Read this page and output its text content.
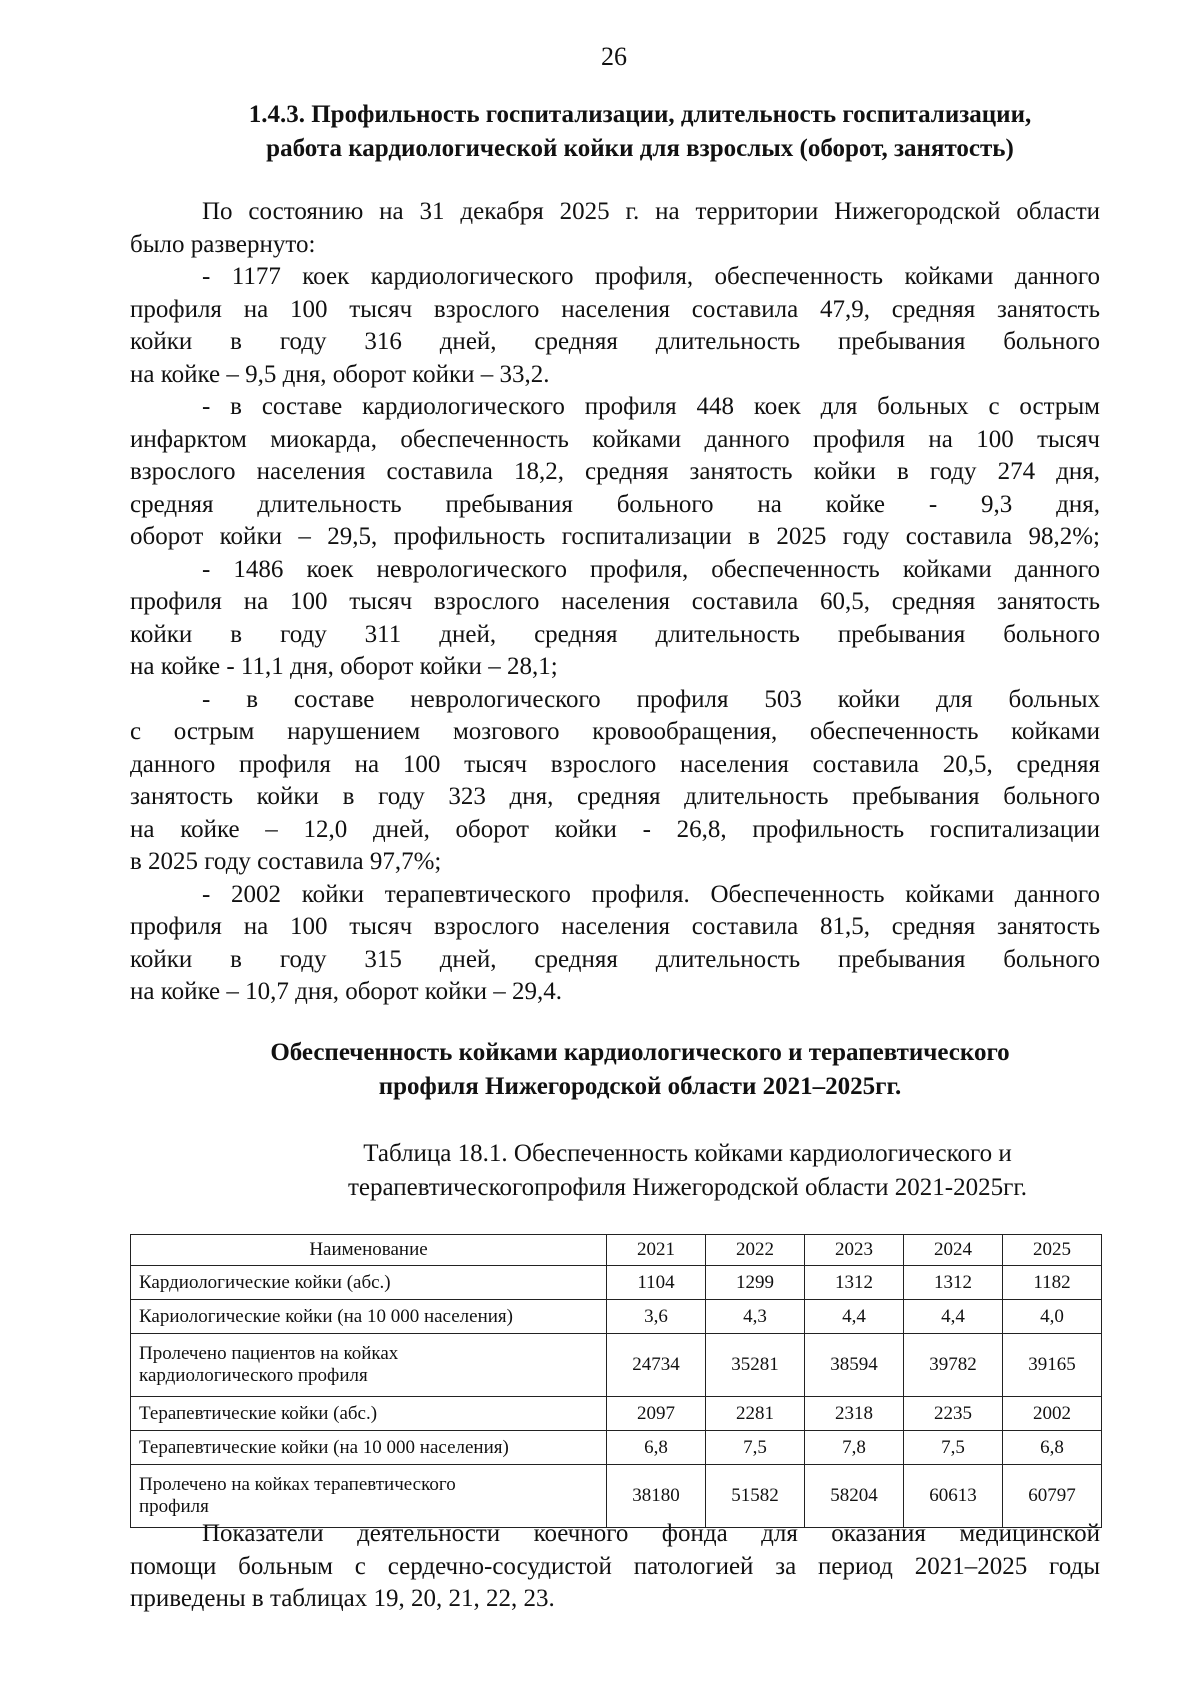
26
1.4.3. Профильность госпитализации, длительность госпитализации,
работа кардиологической койки для взрослых (оборот, занятость)
По состоянию на 31 декабря 2025 г. на территории Нижегородской области
было развернуто:
- 1177 коек кардиологического профиля, обеспеченность койками данного
профиля на 100 тысяч взрослого населения составила 47,9, средняя занятость
койки в году 316 дней, средняя длительность пребывания больного
на койке – 9,5 дня, оборот койки – 33,2.
- в составе кардиологического профиля 448 коек для больных с острым
инфарктом миокарда, обеспеченность койками данного профиля на 100 тысяч
взрослого населения составила 18,2, средняя занятость койки в году 274 дня,
средняя длительность пребывания больного на койке - 9,3 дня,
оборот койки – 29,5, профильность госпитализации в 2025 году составила 98,2%;
- 1486 коек неврологического профиля, обеспеченность койками данного
профиля на 100 тысяч взрослого населения составила 60,5, средняя занятость
койки в году 311 дней, средняя длительность пребывания больного
на койке - 11,1 дня, оборот койки – 28,1;
- в составе неврологического профиля 503 койки для больных
с острым нарушением мозгового кровообращения, обеспеченность койками
данного профиля на 100 тысяч взрослого населения составила 20,5, средняя
занятость койки в году 323 дня, средняя длительность пребывания больного
на койке – 12,0 дней, оборот койки - 26,8, профильность госпитализации
в 2025 году составила 97,7%;
- 2002 койки терапевтического профиля. Обеспеченность койками данного
профиля на 100 тысяч взрослого населения составила 81,5, средняя занятость
койки в году 315 дней, средняя длительность пребывания больного
на койке – 10,7 дня, оборот койки – 29,4.
Обеспеченность койками кардиологического и терапевтического
профиля Нижегородской области 2021–2025гг.
Таблица 18.1. Обеспеченность койками кардиологического и
терапевтическогопрофиля Нижегородской области 2021-2025гг.
Наименование	2021	2022	2023	2024	2025
Кардиологические койки (абс.)	1104	1299	1312	1312	1182
Кариологические койки (на 10 000 населения)	3,6	4,3	4,4	4,4	4,0

Пролечено пациентов на койках
кардиологического профиля	24734	35281	38594	39782	39165
Терапевтические койки (абс.)	2097	2281	2318	2235	2002
Терапевтические койки (на 10 000 населения)	6,8	7,5	7,8	7,5	6,8

Пролечено на койках терапевтического
профиля	38180	51582	58204	60613	60797
Показатели деятельности коечного фонда для оказания медицинской
помощи больным с сердечно-сосудистой патологией за период 2021–2025 годы
приведены в таблицах 19, 20, 21, 22, 23.
